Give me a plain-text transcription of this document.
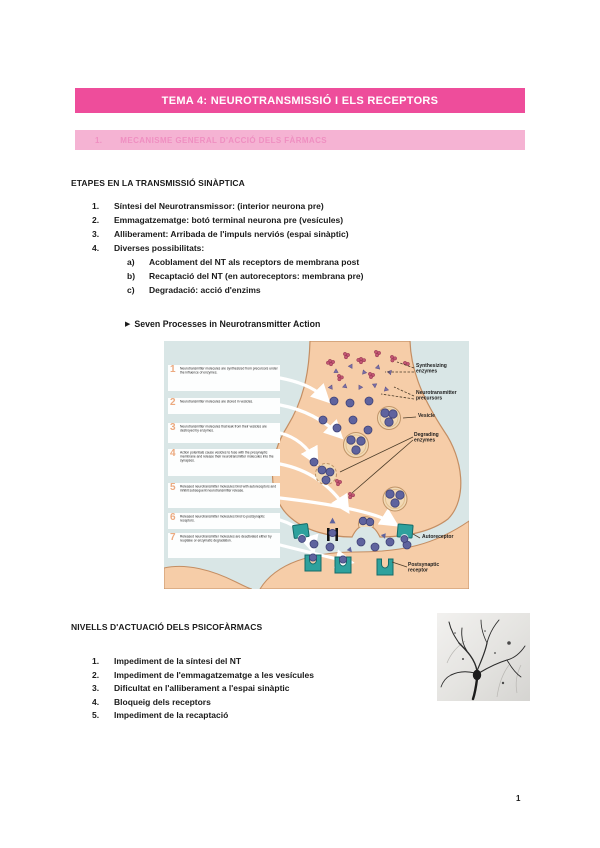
TEMA 4: NEUROTRANSMISSIÓ I ELS RECEPTORS
1. MECANISME GENERAL D'ACCIÓ DELS FÀRMACS
ETAPES EN LA TRANSMISSIÓ SINÀPTICA
1.	Síntesi del Neurotransmissor: (interior neurona pre)
2.	Emmagatzematge: botó terminal neurona pre (vesícules)
3.	Alliberament: Arribada de l'impuls nerviós (espai sinàptic)
4.	Diverses possibilitats:
a)	Acoblament del NT als receptors de membrana post
b)	Recaptació del NT (en autoreceptors: membrana pre)
c)	Degradació: acció d'enzims
▶ Seven Processes in Neurotransmitter Action
1 Neurotransmitter molecules are synthesized from precursors under the influence of enzymes.
2 Neurotransmitter molecules are stored in vesicles.
3 Neurotransmitter molecules that leak from their vesicles are destroyed by enzymes.
4 Action potentials cause vesicles to fuse with the presynaptic membrane and release their neurotransmitter molecules into the synapses.
5 Released neurotransmitter molecules bind with autoreceptors and inhibit subsequent neurotransmitter release.
6 Released neurotransmitter molecules bind to postsynaptic receptors.
7 Released neurotransmitter molecules are deactivated either by reuptake or enzymatic degradation.
Synthesizing enzymes
Neurotransmitter precursors
Vesicle
Degrading enzymes
Autoreceptor
Postsynaptic receptor
NIVELLS D'ACTUACIÓ DELS PSICOFÀRMACS
1.	Impediment de la síntesi del NT
2.	Impediment de l'emmagatzematge a les vesícules
3.	Dificultat en l'alliberament a l'espai sinàptic
4.	Bloqueig dels receptors
5.	Impediment de la recaptació
1
